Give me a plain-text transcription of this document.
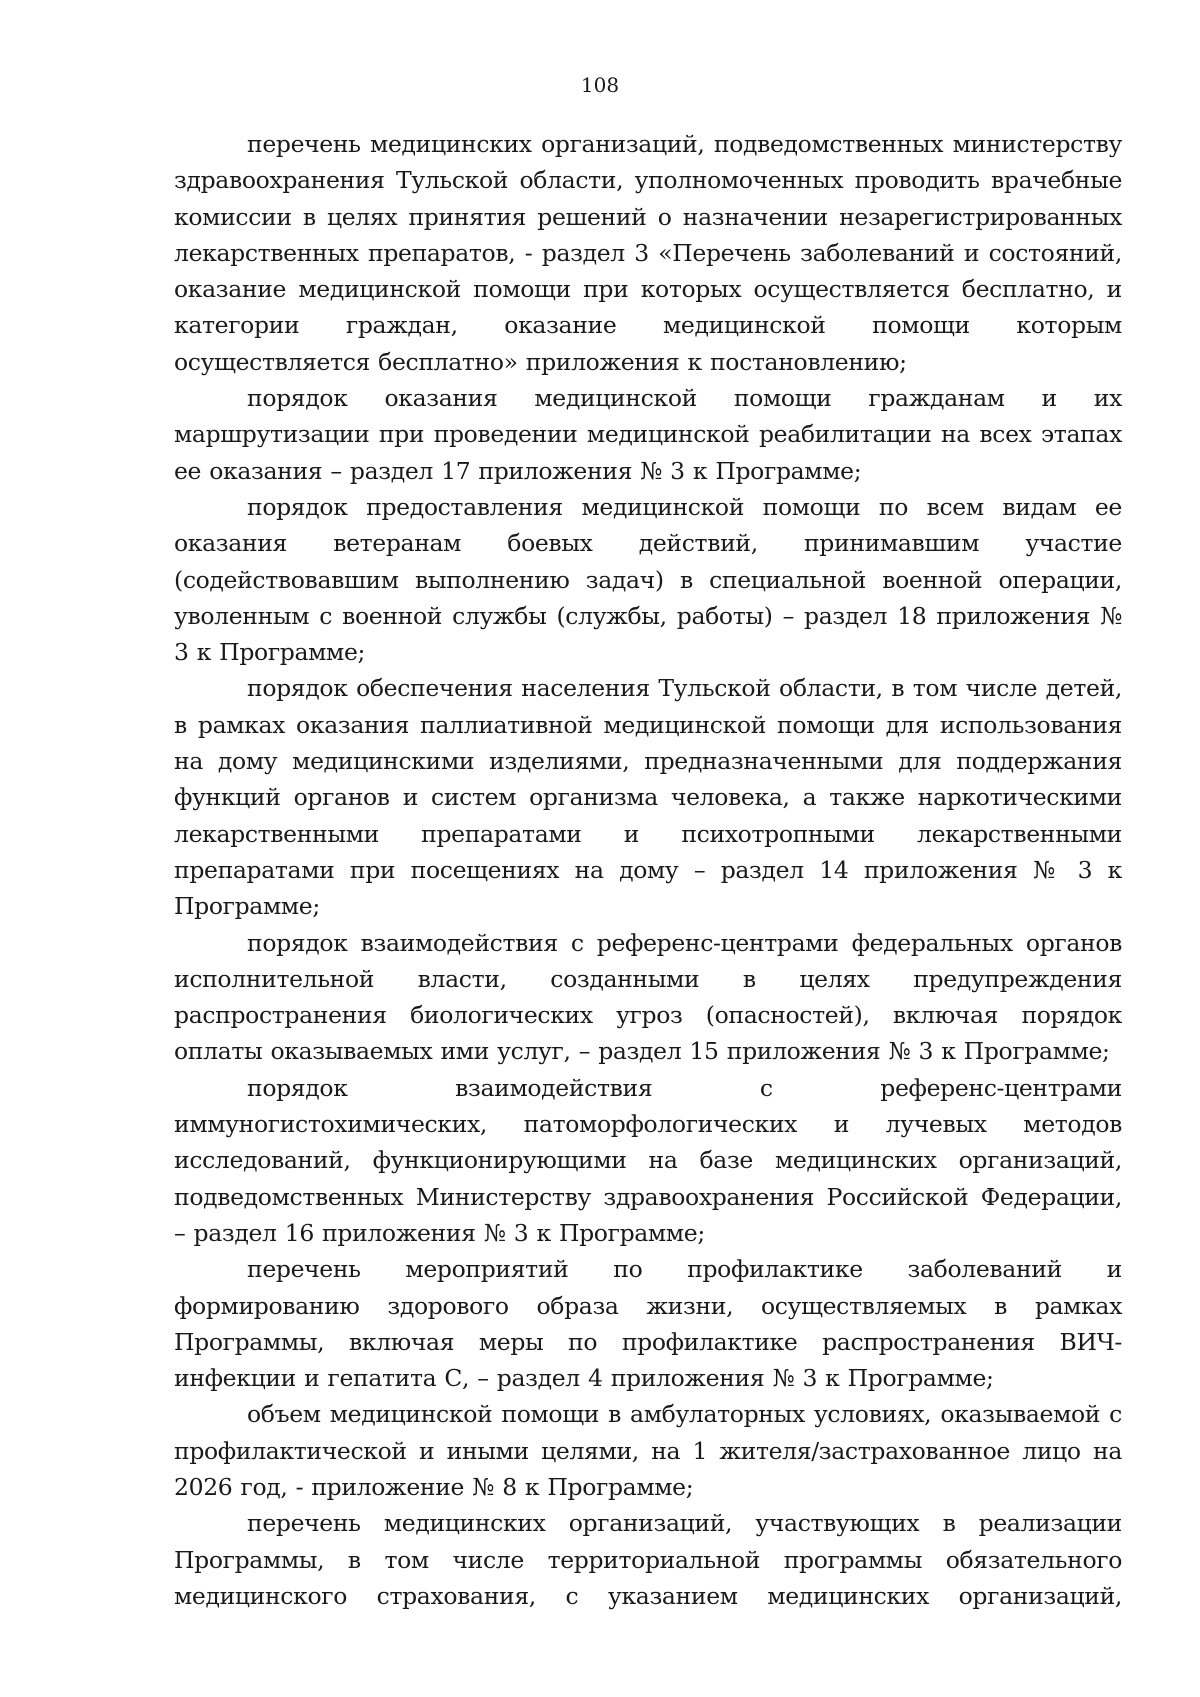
108

перечень медицинских организаций, подведомственных министерству здравоохранения Тульской области, уполномоченных проводить врачебные комиссии в целях принятия решений о назначении незарегистрированных лекарственных препаратов, - раздел 3 «Перечень заболеваний и состояний, оказание медицинской помощи при которых осуществляется бесплатно, и категории граждан, оказание медицинской помощи которым осуществляется бесплатно» приложения к постановлению;

порядок оказания медицинской помощи гражданам и их маршрутизации при проведении медицинской реабилитации на всех этапах ее оказания – раздел 17 приложения № 3 к Программе;

порядок предоставления медицинской помощи по всем видам ее оказания ветеранам боевых действий, принимавшим участие (содействовавшим выполнению задач) в специальной военной операции, уволенным с военной службы (службы, работы) – раздел 18 приложения № 3 к Программе;

порядок обеспечения населения Тульской области, в том числе детей, в рамках оказания паллиативной медицинской помощи для использования на дому медицинскими изделиями, предназначенными для поддержания функций органов и систем организма человека, а также наркотическими лекарственными препаратами и психотропными лекарственными препаратами при посещениях на дому – раздел 14 приложения № 3 к Программе;

порядок взаимодействия с референс-центрами федеральных органов исполнительной власти, созданными в целях предупреждения распространения биологических угроз (опасностей), включая порядок оплаты оказываемых ими услуг, – раздел 15 приложения № 3 к Программе;

порядок взаимодействия с референс-центрами иммуногистохимических, патоморфологических и лучевых методов исследований, функционирующими на базе медицинских организаций, подведомственных Министерству здравоохранения Российской Федерации, – раздел 16 приложения № 3 к Программе;

перечень мероприятий по профилактике заболеваний и формированию здорового образа жизни, осуществляемых в рамках Программы, включая меры по профилактике распространения ВИЧ-инфекции и гепатита С, – раздел 4 приложения № 3 к Программе;

объем медицинской помощи в амбулаторных условиях, оказываемой с профилактической и иными целями, на 1 жителя/застрахованное лицо на 2026 год, - приложение № 8 к Программе;

перечень медицинских организаций, участвующих в реализации Программы, в том числе территориальной программы обязательного медицинского страхования, с указанием медицинских организаций,
